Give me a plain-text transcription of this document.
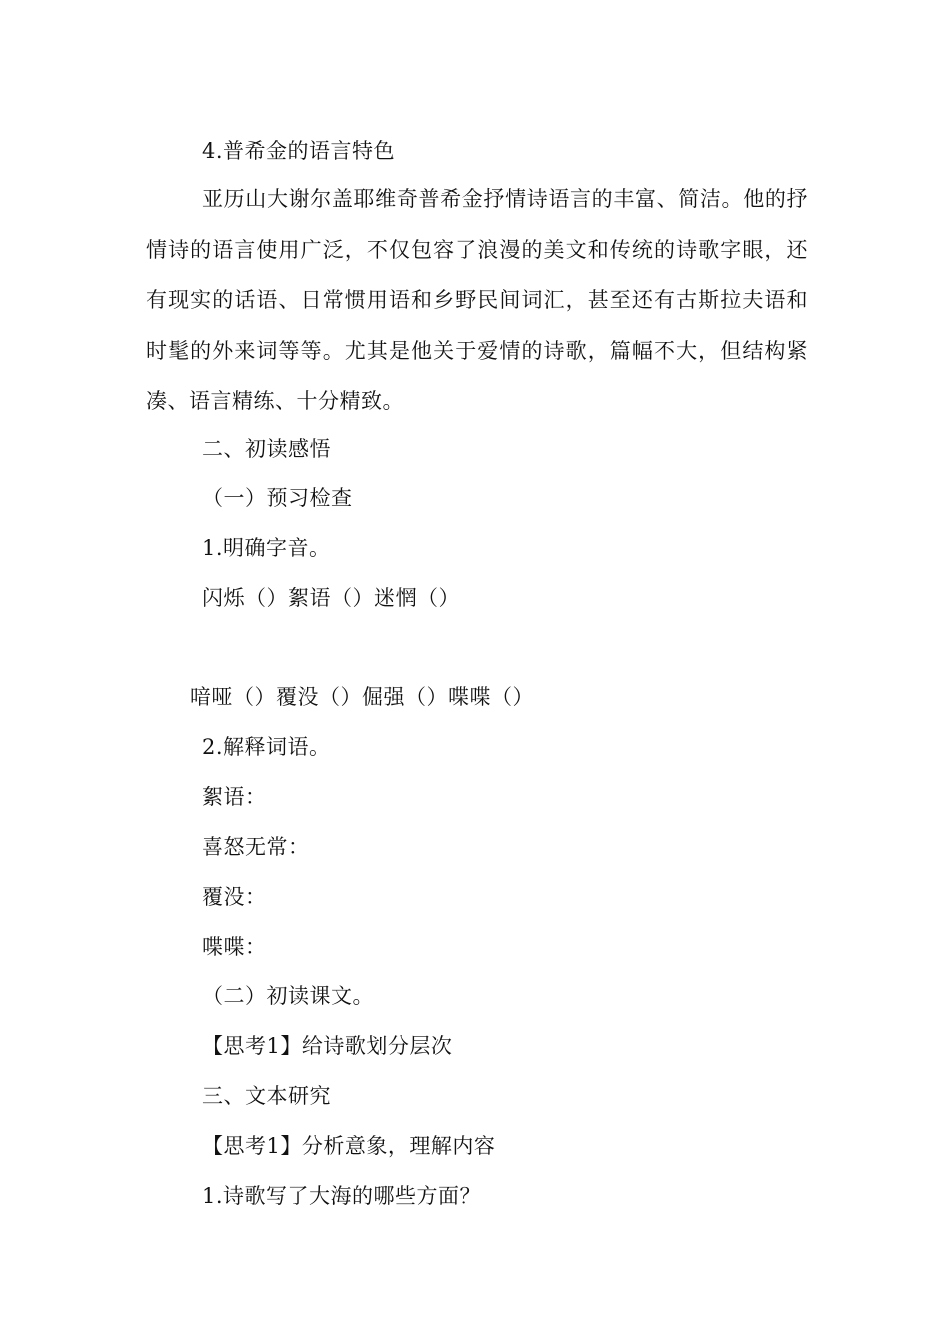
4.普希金的语言特色
亚历山大谢尔盖耶维奇普希金抒情诗语言的丰富、简洁。他的抒情诗的语言使用广泛，不仅包容了浪漫的美文和传统的诗歌字眼，还有现实的话语、日常惯用语和乡野民间词汇，甚至还有古斯拉夫语和时髦的外来词等等。尤其是他关于爱情的诗歌，篇幅不大，但结构紧凑、语言精练、十分精致。
二、初读感悟
（一）预习检查
1.明确字音。
闪烁（）絮语（）迷惘（）
喑哑（）覆没（）倔强（）喋喋（）
2.解释词语。
絮语：
喜怒无常：
覆没：
喋喋：
（二）初读课文。
【思考1】给诗歌划分层次
三、文本研究
【思考1】分析意象，理解内容
1.诗歌写了大海的哪些方面？
